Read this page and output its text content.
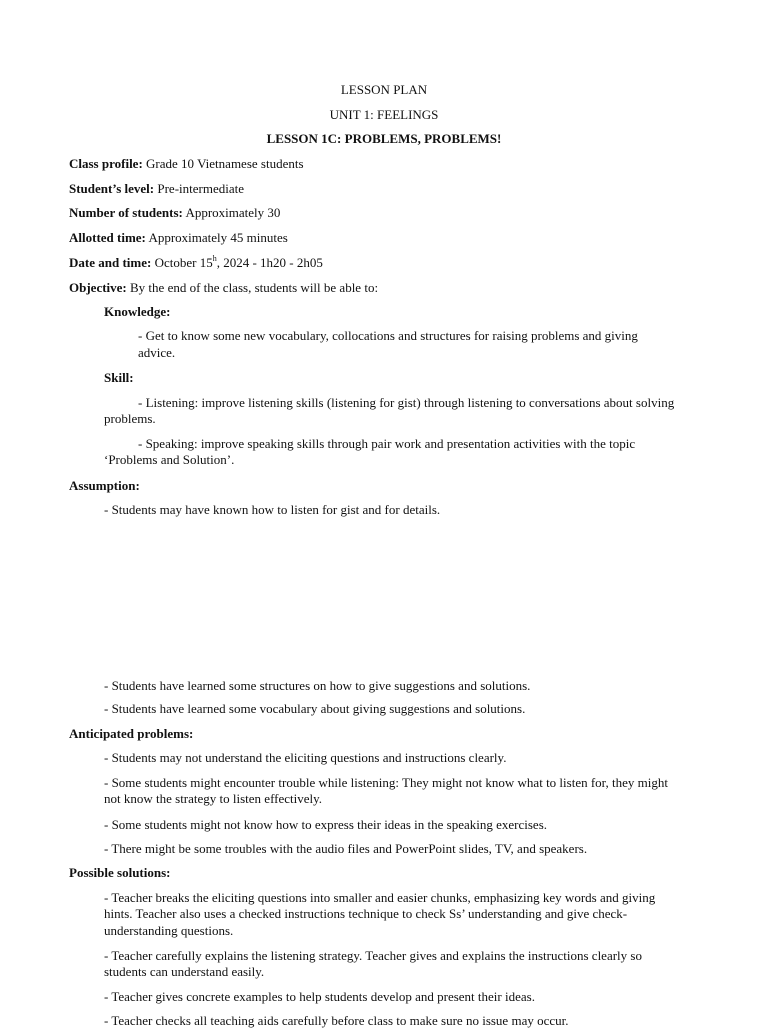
LESSON PLAN
UNIT 1: FEELINGS
LESSON 1C: PROBLEMS, PROBLEMS!
Class profile: Grade 10 Vietnamese students
Student’s level: Pre-intermediate
Number of students: Approximately 30
Allotted time: Approximately 45 minutes
Date and time: October 15$^h$, 2024 - 1h20 - 2h05
Objective: By the end of the class, students will be able to:
Knowledge:
- Get to know some new vocabulary, collocations and structures for raising problems and giving
advice.
Skill:
- Listening: improve listening skills (listening for gist) through listening to conversations about solving
problems.
- Speaking: improve speaking skills through pair work and presentation activities with the topic
‘Problems and Solution’.
Assumption:
- Students may have known how to listen for gist and for details.
- Students have learned some structures on how to give suggestions and solutions.
- Students have learned some vocabulary about giving suggestions and solutions.
Anticipated problems:
- Students may not understand the eliciting questions and instructions clearly.
- Some students might encounter trouble while listening: They might not know what to listen for, they might
not know the strategy to listen effectively.
- Some students might not know how to express their ideas in the speaking exercises.
- There might be some troubles with the audio files and PowerPoint slides, TV, and speakers.
Possible solutions:
- Teacher breaks the eliciting questions into smaller and easier chunks, emphasizing key words and giving
hints. Teacher also uses a checked instructions technique to check Ss’ understanding and give check-
understanding questions.
- Teacher carefully explains the listening strategy. Teacher gives and explains the instructions clearly so
students can understand easily.
- Teacher gives concrete examples to help students develop and present their ideas.
- Teacher checks all teaching aids carefully before class to make sure no issue may occur.
